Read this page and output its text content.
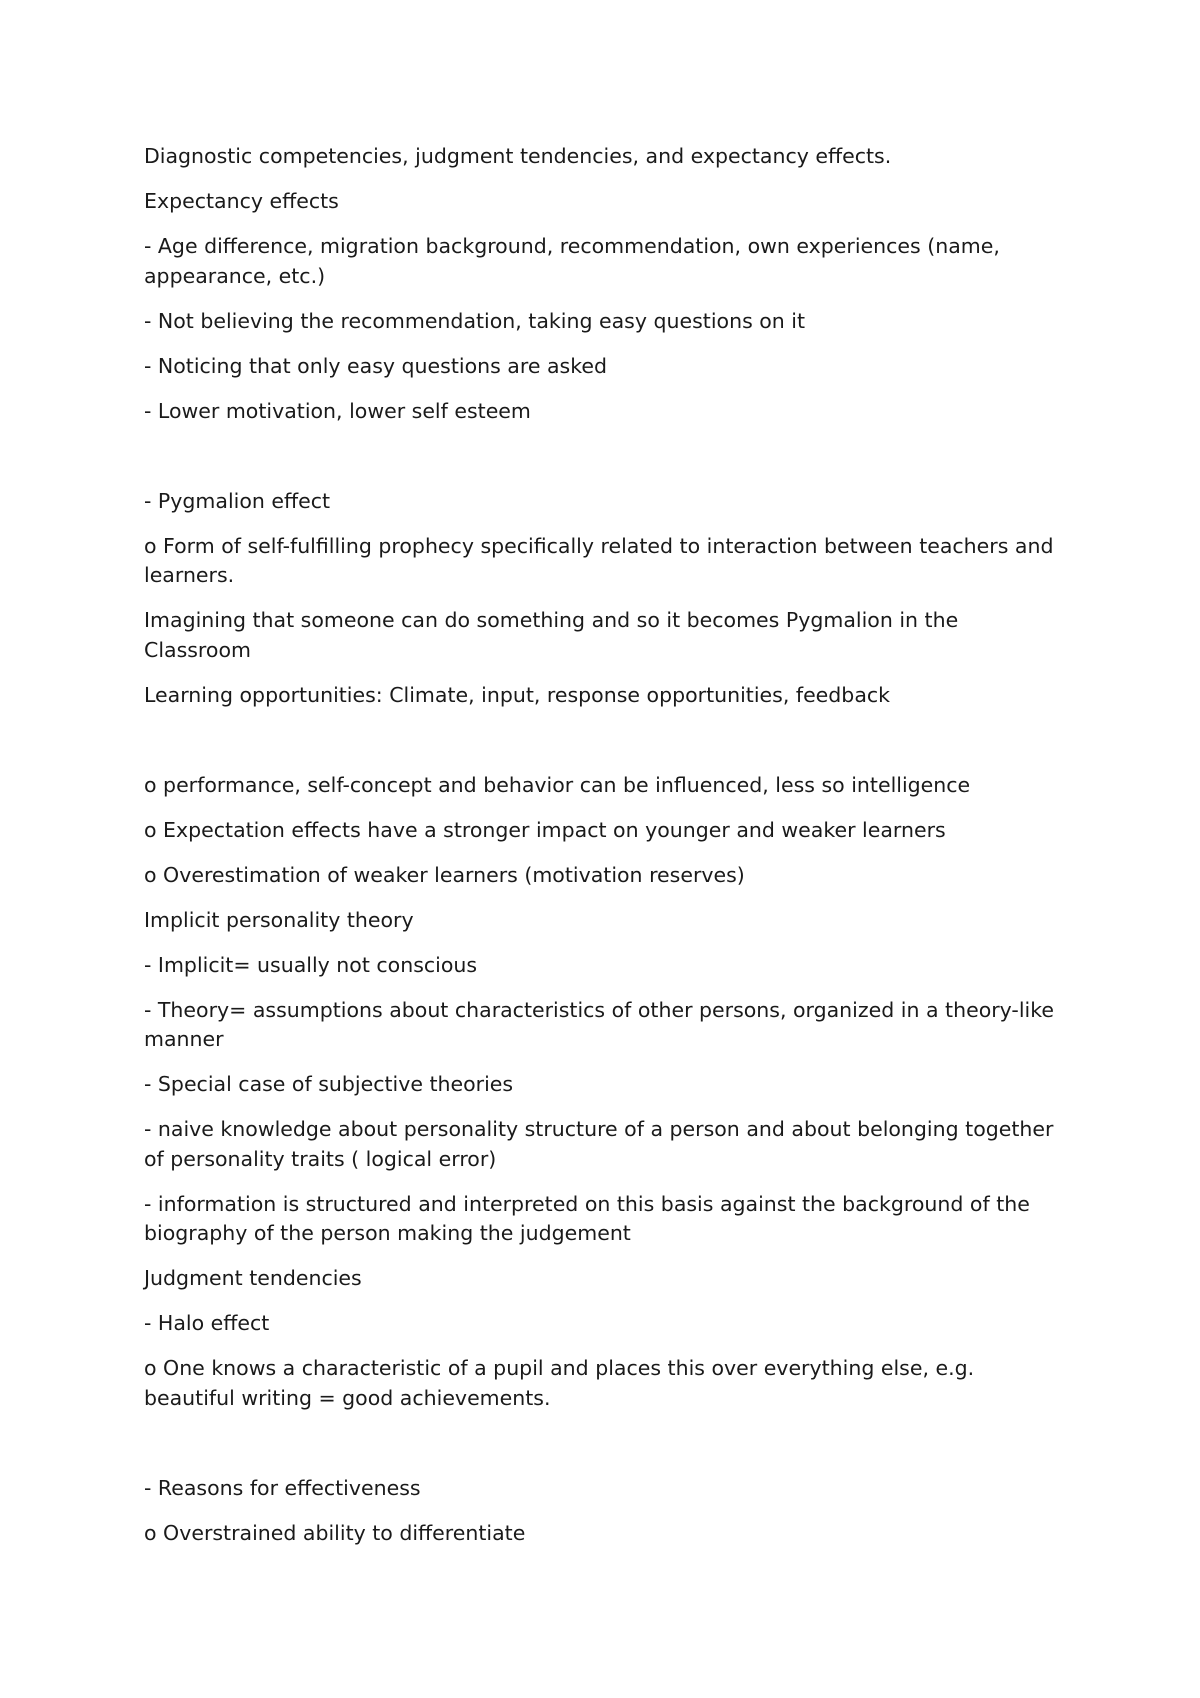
Diagnostic competencies, judgment tendencies, and expectancy effects.

Expectancy effects

- Age difference, migration background, recommendation, own experiences (name, appearance, etc.)

- Not believing the recommendation, taking easy questions on it

- Noticing that only easy questions are asked

- Lower motivation, lower self esteem

- Pygmalion effect

o Form of self-fulfilling prophecy specifically related to interaction between teachers and learners.

Imagining that someone can do something and so it becomes Pygmalion in the Classroom

Learning opportunities: Climate, input, response opportunities, feedback

o performance, self-concept and behavior can be influenced, less so intelligence

o Expectation effects have a stronger impact on younger and weaker learners

o Overestimation of weaker learners (motivation reserves)

Implicit personality theory

- Implicit= usually not conscious

- Theory= assumptions about characteristics of other persons, organized in a theory-like manner

- Special case of subjective theories

- naive knowledge about personality structure of a person and about belonging together of personality traits ( logical error)

- information is structured and interpreted on this basis against the background of the biography of the person making the judgement

Judgment tendencies

- Halo effect

o One knows a characteristic of a pupil and places this over everything else, e.g. beautiful writing = good achievements.

- Reasons for effectiveness

o Overstrained ability to differentiate
